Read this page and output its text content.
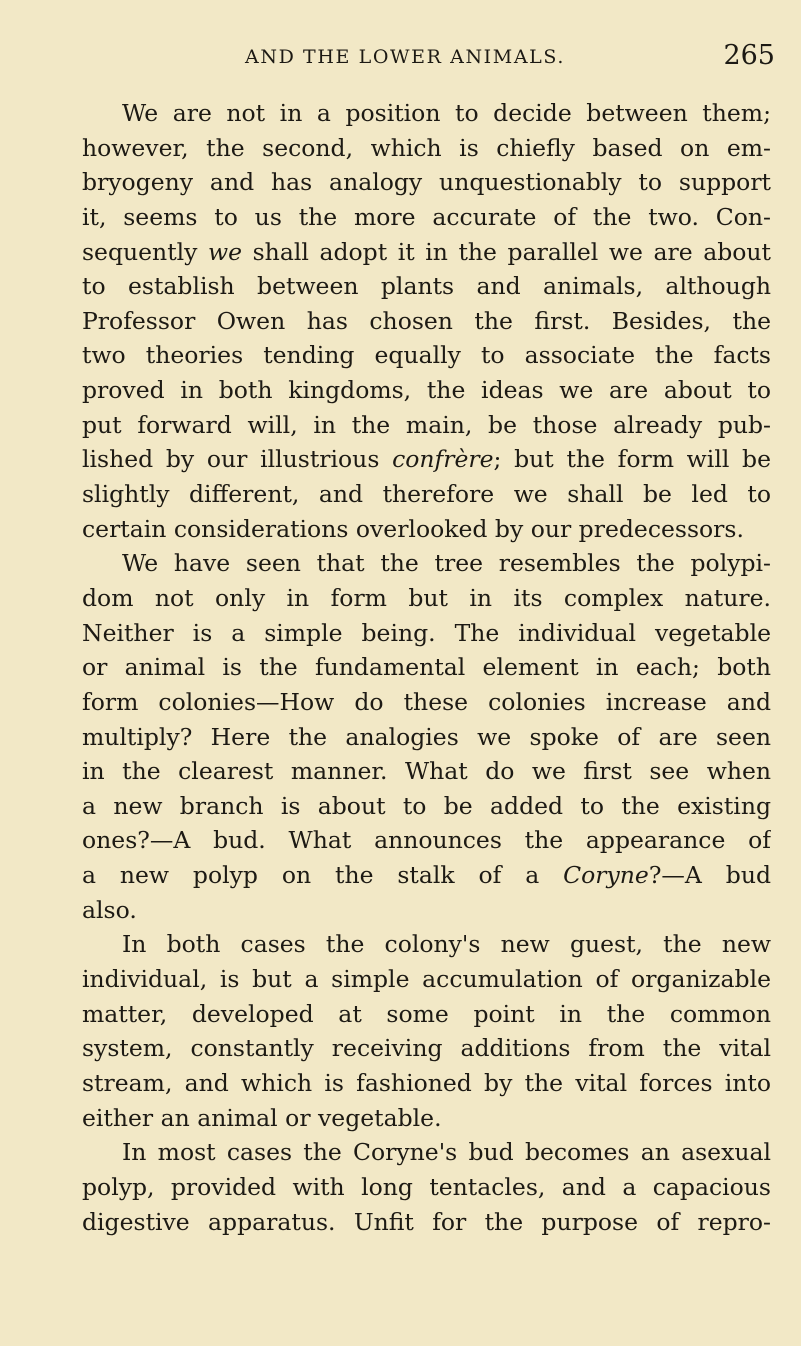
AND THE LOWER ANIMALS.	265
We are not in a position to decide between them;
however, the second, which is chiefly based on em-
bryogeny and has analogy unquestionably to support
it, seems to us the more accurate of the two. Con-
sequently we shall adopt it in the parallel we are about
to establish between plants and animals, although
Professor Owen has chosen the first. Besides, the
two theories tending equally to associate the facts
proved in both kingdoms, the ideas we are about to
put forward will, in the main, be those already pub-
lished by our illustrious confrère; but the form will be
slightly different, and therefore we shall be led to
certain considerations overlooked by our predecessors.
We have seen that the tree resembles the polypi-
dom not only in form but in its complex nature.
Neither is a simple being. The individual vegetable
or animal is the fundamental element in each; both
form colonies—How do these colonies increase and
multiply? Here the analogies we spoke of are seen
in the clearest manner. What do we first see when
a new branch is about to be added to the existing
ones?—A bud. What announces the appearance of
a new polyp on the stalk of a Coryne?—A bud
also.
In both cases the colony's new guest, the new
individual, is but a simple accumulation of organizable
matter, developed at some point in the common
system, constantly receiving additions from the vital
stream, and which is fashioned by the vital forces into
either an animal or vegetable.
In most cases the Coryne's bud becomes an asexual
polyp, provided with long tentacles, and a capacious
digestive apparatus. Unfit for the purpose of repro-
